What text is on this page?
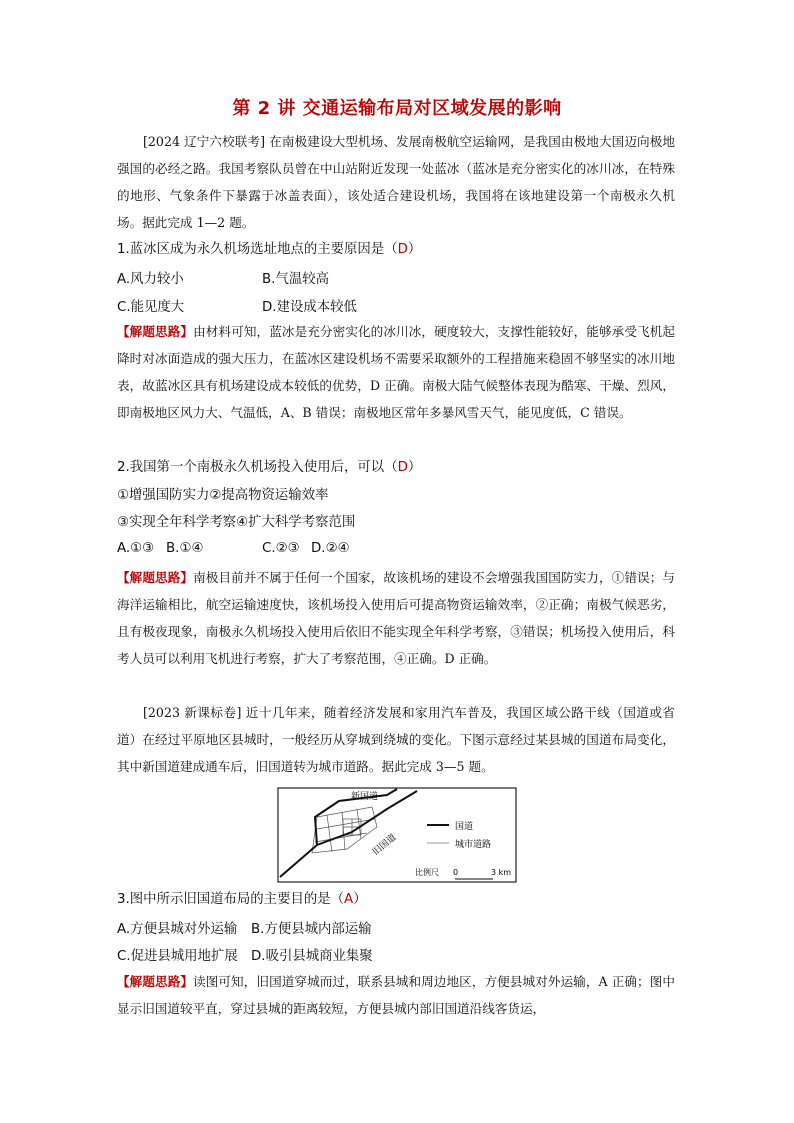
第 2 讲 交通运输布局对区域发展的影响
[2024 辽宁六校联考] 在南极建设大型机场、发展南极航空运输网，是我国由极地大国迈向极地强国的必经之路。我国考察队员曾在中山站附近发现一处蓝冰（蓝冰是充分密实化的冰川冰，在特殊的地形、气象条件下暴露于冰盖表面），该处适合建设机场，我国将在该地建设第一个南极永久机场。据此完成 1—2 题。
1.蓝冰区成为永久机场选址地点的主要原因是（D）
A.风力较小	B.气温较高
C.能见度大	D.建设成本较低
【解题思路】由材料可知，蓝冰是充分密实化的冰川冰，硬度较大，支撑性能较好，能够承受飞机起降时对冰面造成的强大压力，在蓝冰区建设机场不需要采取额外的工程措施来稳固不够坚实的冰川地表，故蓝冰区具有机场建设成本较低的优势，D 正确。南极大陆气候整体表现为酷寒、干燥、烈风，即南极地区风力大、气温低，A、B 错误；南极地区常年多暴风雪天气，能见度低，C 错误。
2.我国第一个南极永久机场投入使用后，可以（D）
①增强国防实力②提高物资运输效率
③实现全年科学考察④扩大科学考察范围
A.①③ B.①④	C.②③ D.②④
【解题思路】南极目前并不属于任何一个国家，故该机场的建设不会增强我国国防实力，①错误；与海洋运输相比，航空运输速度快，该机场投入使用后可提高物资运输效率，②正确；南极气候恶劣，且有极夜现象，南极永久机场投入使用后依旧不能实现全年科学考察，③错误；机场投入使用后，科考人员可以利用飞机进行考察，扩大了考察范围，④正确。D 正确。
[2023 新课标卷] 近十几年来，随着经济发展和家用汽车普及，我国区域公路干线（国道或省道）在经过平原地区县城时，一般经历从穿城到绕城的变化。下图示意经过某县城的国道布局变化，其中新国道建成通车后，旧国道转为城市道路。据此完成 3—5 题。
新国道
旧国道
国道
城市道路
比例尺 0	3 km
3.图中所示旧国道布局的主要目的是（A）
A.方便县城对外运输 B.方便县城内部运输
C.促进县城用地扩展 D.吸引县城商业集聚
【解题思路】读图可知，旧国道穿城而过，联系县城和周边地区，方便县城对外运输，A 正确；图中显示旧国道较平直，穿过县城的距离较短，方便县城内部旧国道沿线客货运，
